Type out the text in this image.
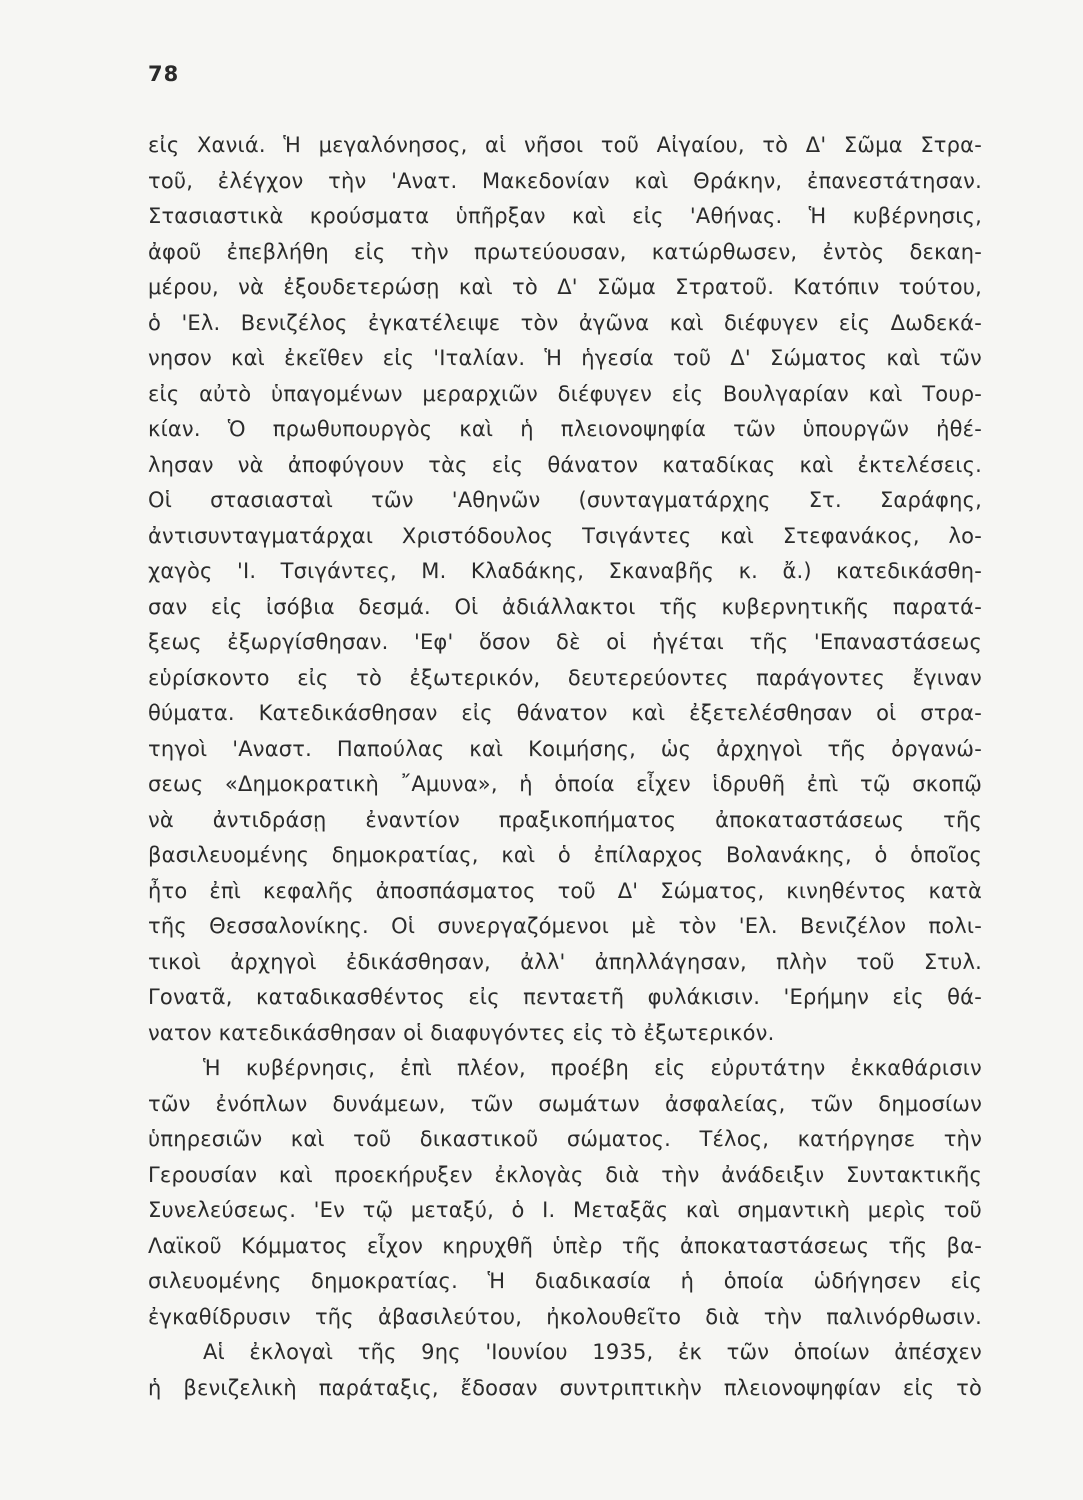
78
εἰς Χανιά. Ἡ μεγαλόνησος, αἱ νῆσοι τοῦ Αἰγαίου, τὸ Δ' Σῶμα Στρα-
τοῦ, ἐλέγχον τὴν 'Ανατ. Μακεδονίαν καὶ Θράκην, ἐπανεστάτησαν.
Στασιαστικὰ κρούσματα ὑπῆρξαν καὶ εἰς 'Αθήνας. Ἡ κυβέρνησις,
ἀφοῦ ἐπεβλήθη εἰς τὴν πρωτεύουσαν, κατώρθωσεν, ἐντὸς δεκαη-
μέρου, νὰ ἐξουδετερώσῃ καὶ τὸ Δ' Σῶμα Στρατοῦ. Κατόπιν τούτου,
ὁ 'Ελ. Βενιζέλος ἐγκατέλειψε τὸν ἀγῶνα καὶ διέφυγεν εἰς Δωδεκά-
νησον καὶ ἐκεῖθεν εἰς 'Ιταλίαν. Ἡ ἡγεσία τοῦ Δ' Σώματος καὶ τῶν
εἰς αὐτὸ ὑπαγομένων μεραρχιῶν διέφυγεν εἰς Βουλγαρίαν καὶ Τουρ-
κίαν. Ὁ πρωθυπουργὸς καὶ ἡ πλειονοψηφία τῶν ὑπουργῶν ἠθέ-
λησαν νὰ ἀποφύγουν τὰς εἰς θάνατον καταδίκας καὶ ἐκτελέσεις.
Οἱ στασιασταὶ τῶν 'Αθηνῶν (συνταγματάρχης Στ. Σαράφης,
ἀντισυνταγματάρχαι Χριστόδουλος Τσιγάντες καὶ Στεφανάκος, λο-
χαγὸς 'Ι. Τσιγάντες, Μ. Κλαδάκης, Σκαναβῆς κ. ἄ.) κατεδικάσθη-
σαν εἰς ἰσόβια δεσμά. Οἱ ἀδιάλλακτοι τῆς κυβερνητικῆς παρατά-
ξεως ἐξωργίσθησαν. 'Εφ' ὅσον δὲ οἱ ἡγέται τῆς 'Επαναστάσεως
εὑρίσκοντο εἰς τὸ ἐξωτερικόν, δευτερεύοντες παράγοντες ἔγιναν
θύματα. Κατεδικάσθησαν εἰς θάνατον καὶ ἐξετελέσθησαν οἱ στρα-
τηγοὶ 'Αναστ. Παπούλας καὶ Κοιμήσης, ὡς ἀρχηγοὶ τῆς ὀργανώ-
σεως «Δημοκρατικὴ ῎Αμυνα», ἡ ὁποία εἶχεν ἱδρυθῆ ἐπὶ τῷ σκοπῷ
νὰ ἀντιδράσῃ ἐναντίον πραξικοπήματος ἀποκαταστάσεως τῆς
βασιλευομένης δημοκρατίας, καὶ ὁ ἐπίλαρχος Βολανάκης, ὁ ὁποῖος
ἦτο ἐπὶ κεφαλῆς ἀποσπάσματος τοῦ Δ' Σώματος, κινηθέντος κατὰ
τῆς Θεσσαλονίκης. Οἱ συνεργαζόμενοι μὲ τὸν 'Ελ. Βενιζέλον πολι-
τικοὶ ἀρχηγοὶ ἐδικάσθησαν, ἀλλ' ἀπηλλάγησαν, πλὴν τοῦ Στυλ.
Γονατᾶ, καταδικασθέντος εἰς πενταετῆ φυλάκισιν. 'Ερήμην εἰς θά-
νατον κατεδικάσθησαν οἱ διαφυγόντες εἰς τὸ ἐξωτερικόν.
Ἡ κυβέρνησις, ἐπὶ πλέον, προέβη εἰς εὐρυτάτην ἐκκαθάρισιν
τῶν ἐνόπλων δυνάμεων, τῶν σωμάτων ἀσφαλείας, τῶν δημοσίων
ὑπηρεσιῶν καὶ τοῦ δικαστικοῦ σώματος. Τέλος, κατήργησε τὴν
Γερουσίαν καὶ προεκήρυξεν ἐκλογὰς διὰ τὴν ἀνάδειξιν Συντακτικῆς
Συνελεύσεως. 'Εν τῷ μεταξύ, ὁ Ι. Μεταξᾶς καὶ σημαντικὴ μερὶς τοῦ
Λαϊκοῦ Κόμματος εἶχον κηρυχθῆ ὑπὲρ τῆς ἀποκαταστάσεως τῆς βα-
σιλευομένης δημοκρατίας. Ἡ διαδικασία ἡ ὁποία ὡδήγησεν εἰς
ἐγκαθίδρυσιν τῆς ἀβασιλεύτου, ἠκολουθεῖτο διὰ τὴν παλινόρθωσιν.
Αἱ ἐκλογαὶ τῆς 9ης 'Ιουνίου 1935, ἐκ τῶν ὁποίων ἀπέσχεν
ἡ βενιζελικὴ παράταξις, ἔδοσαν συντριπτικὴν πλειονοψηφίαν εἰς τὸ
